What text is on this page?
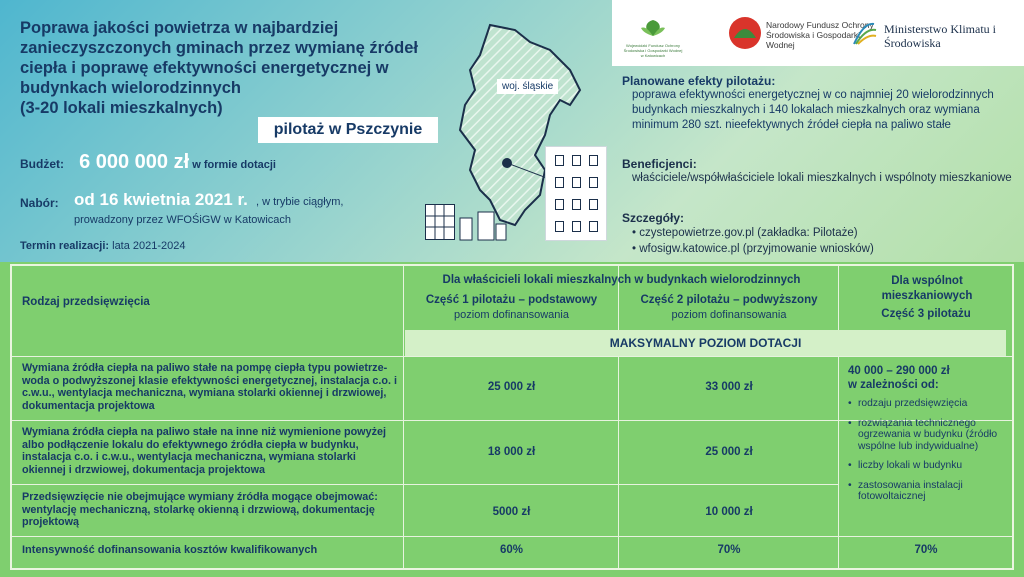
woj. śląskie
Poprawa jakości powietrza w najbardziej zanieczyszczonych gminach przez wymianę źródeł ciepła i poprawę efektywności energetycznej w budynkach wielorodzinnych
(3-20 lokali mieszkalnych)
pilotaż w Pszczynie
Budżet: 6 000 000 zł w formie dotacji
Nabór: od 16 kwietnia 2021 r. , w trybie ciągłym,
prowadzony przez WFOŚiGW w Katowicach
Termin realizacji: lata 2021-2024
Wojewódzki Fundusz Ochrony Środowiska i Gospodarki Wodnej w Katowicach
Narodowy Fundusz Ochrony Środowiska i Gospodarki Wodnej
Ministerstwo Klimatu i Środowiska
Planowane efekty pilotażu:
poprawa efektywności energetycznej w co najmniej 20 wielorodzinnych budynkach mieszkalnych i 140 lokalach mieszkalnych oraz wymiana minimum 280 szt. nieefektywnych źródeł ciepła na paliwo stałe
Beneficjenci:
właściciele/współwłaściciele lokali mieszkalnych i wspólnoty mieszkaniowe
Szczegóły:
• czystepowietrze.gov.pl (zakładka: Pilotaże)
• wfosigw.katowice.pl (przyjmowanie wniosków)
Rodzaj przedsięwzięcia
Dla właścicieli lokali mieszkalnych w budynkach wielorodzinnych
Część 1 pilotażu – podstawowy
poziom dofinansowania
Część 2 pilotażu – podwyższony
poziom dofinansowania
Dla wspólnot mieszkaniowych
Część 3 pilotażu
MAKSYMALNY POZIOM DOTACJI
Wymiana źródła ciepła na paliwo stałe na pompę ciepła typu powietrze-woda o podwyższonej klasie efektywności energetycznej, instalacja c.o. i c.w.u., wentylacja mechaniczna, wymiana stolarki okiennej i drzwiowej, dokumentacja projektowa
25 000 zł	33 000 zł
Wymiana źródła ciepła na paliwo stałe na inne niż wymienione powyżej albo podłączenie lokalu do efektywnego źródła ciepła w budynku, instalacja c.o. i c.w.u., wentylacja mechaniczna, wymiana stolarki okiennej i drzwiowej, dokumentacja projektowa
18 000 zł	25 000 zł
Przedsięwzięcie nie obejmujące wymiany źródła mogące obejmować: wentylację mechaniczną, stolarkę okienną i drzwiową, dokumentację projektową
5000 zł	10 000 zł
40 000 – 290 000 zł
w zależności od:
• rodzaju przedsięwzięcia
• rozwiązania technicznego ogrzewania w budynku (źródło wspólne lub indywidualne)
• liczby lokali w budynku
• zastosowania instalacji fotowoltaicznej
Intensywność dofinansowania kosztów kwalifikowanych	60%	70%	70%
